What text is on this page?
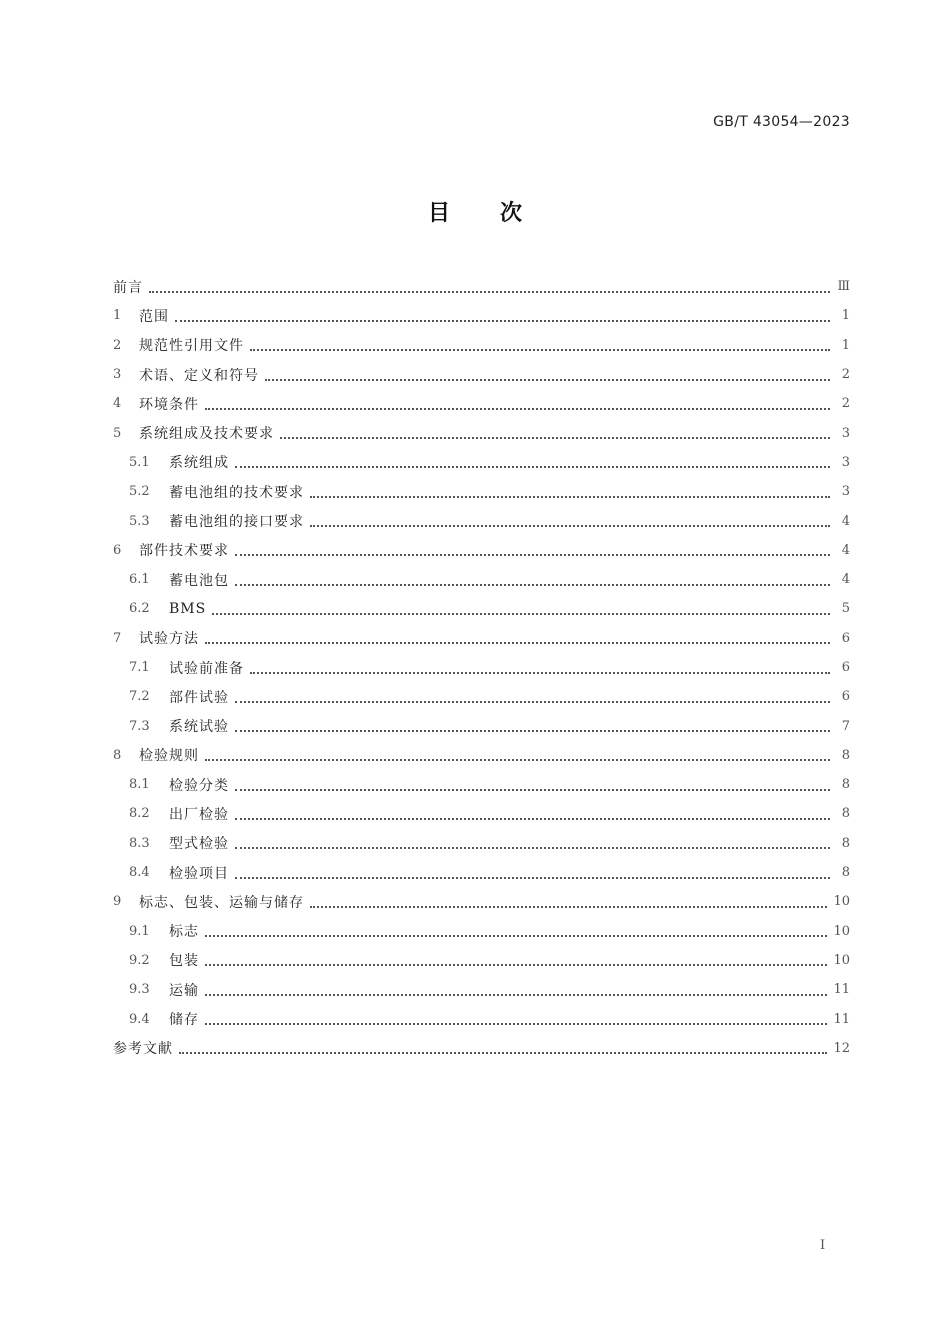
GB/T 43054—2023
目 次
前言	Ⅲ
1	范围	1
2	规范性引用文件	1
3	术语、定义和符号	2
4	环境条件	2
5	系统组成及技术要求	3
5.1	系统组成	3
5.2	蓄电池组的技术要求	3
5.3	蓄电池组的接口要求	4
6	部件技术要求	4
6.1	蓄电池包	4
6.2	BMS	5
7	试验方法	6
7.1	试验前准备	6
7.2	部件试验	6
7.3	系统试验	7
8	检验规则	8
8.1	检验分类	8
8.2	出厂检验	8
8.3	型式检验	8
8.4	检验项目	8
9	标志、包装、运输与储存	10
9.1	标志	10
9.2	包装	10
9.3	运输	11
9.4	储存	11
参考文献	12
I
